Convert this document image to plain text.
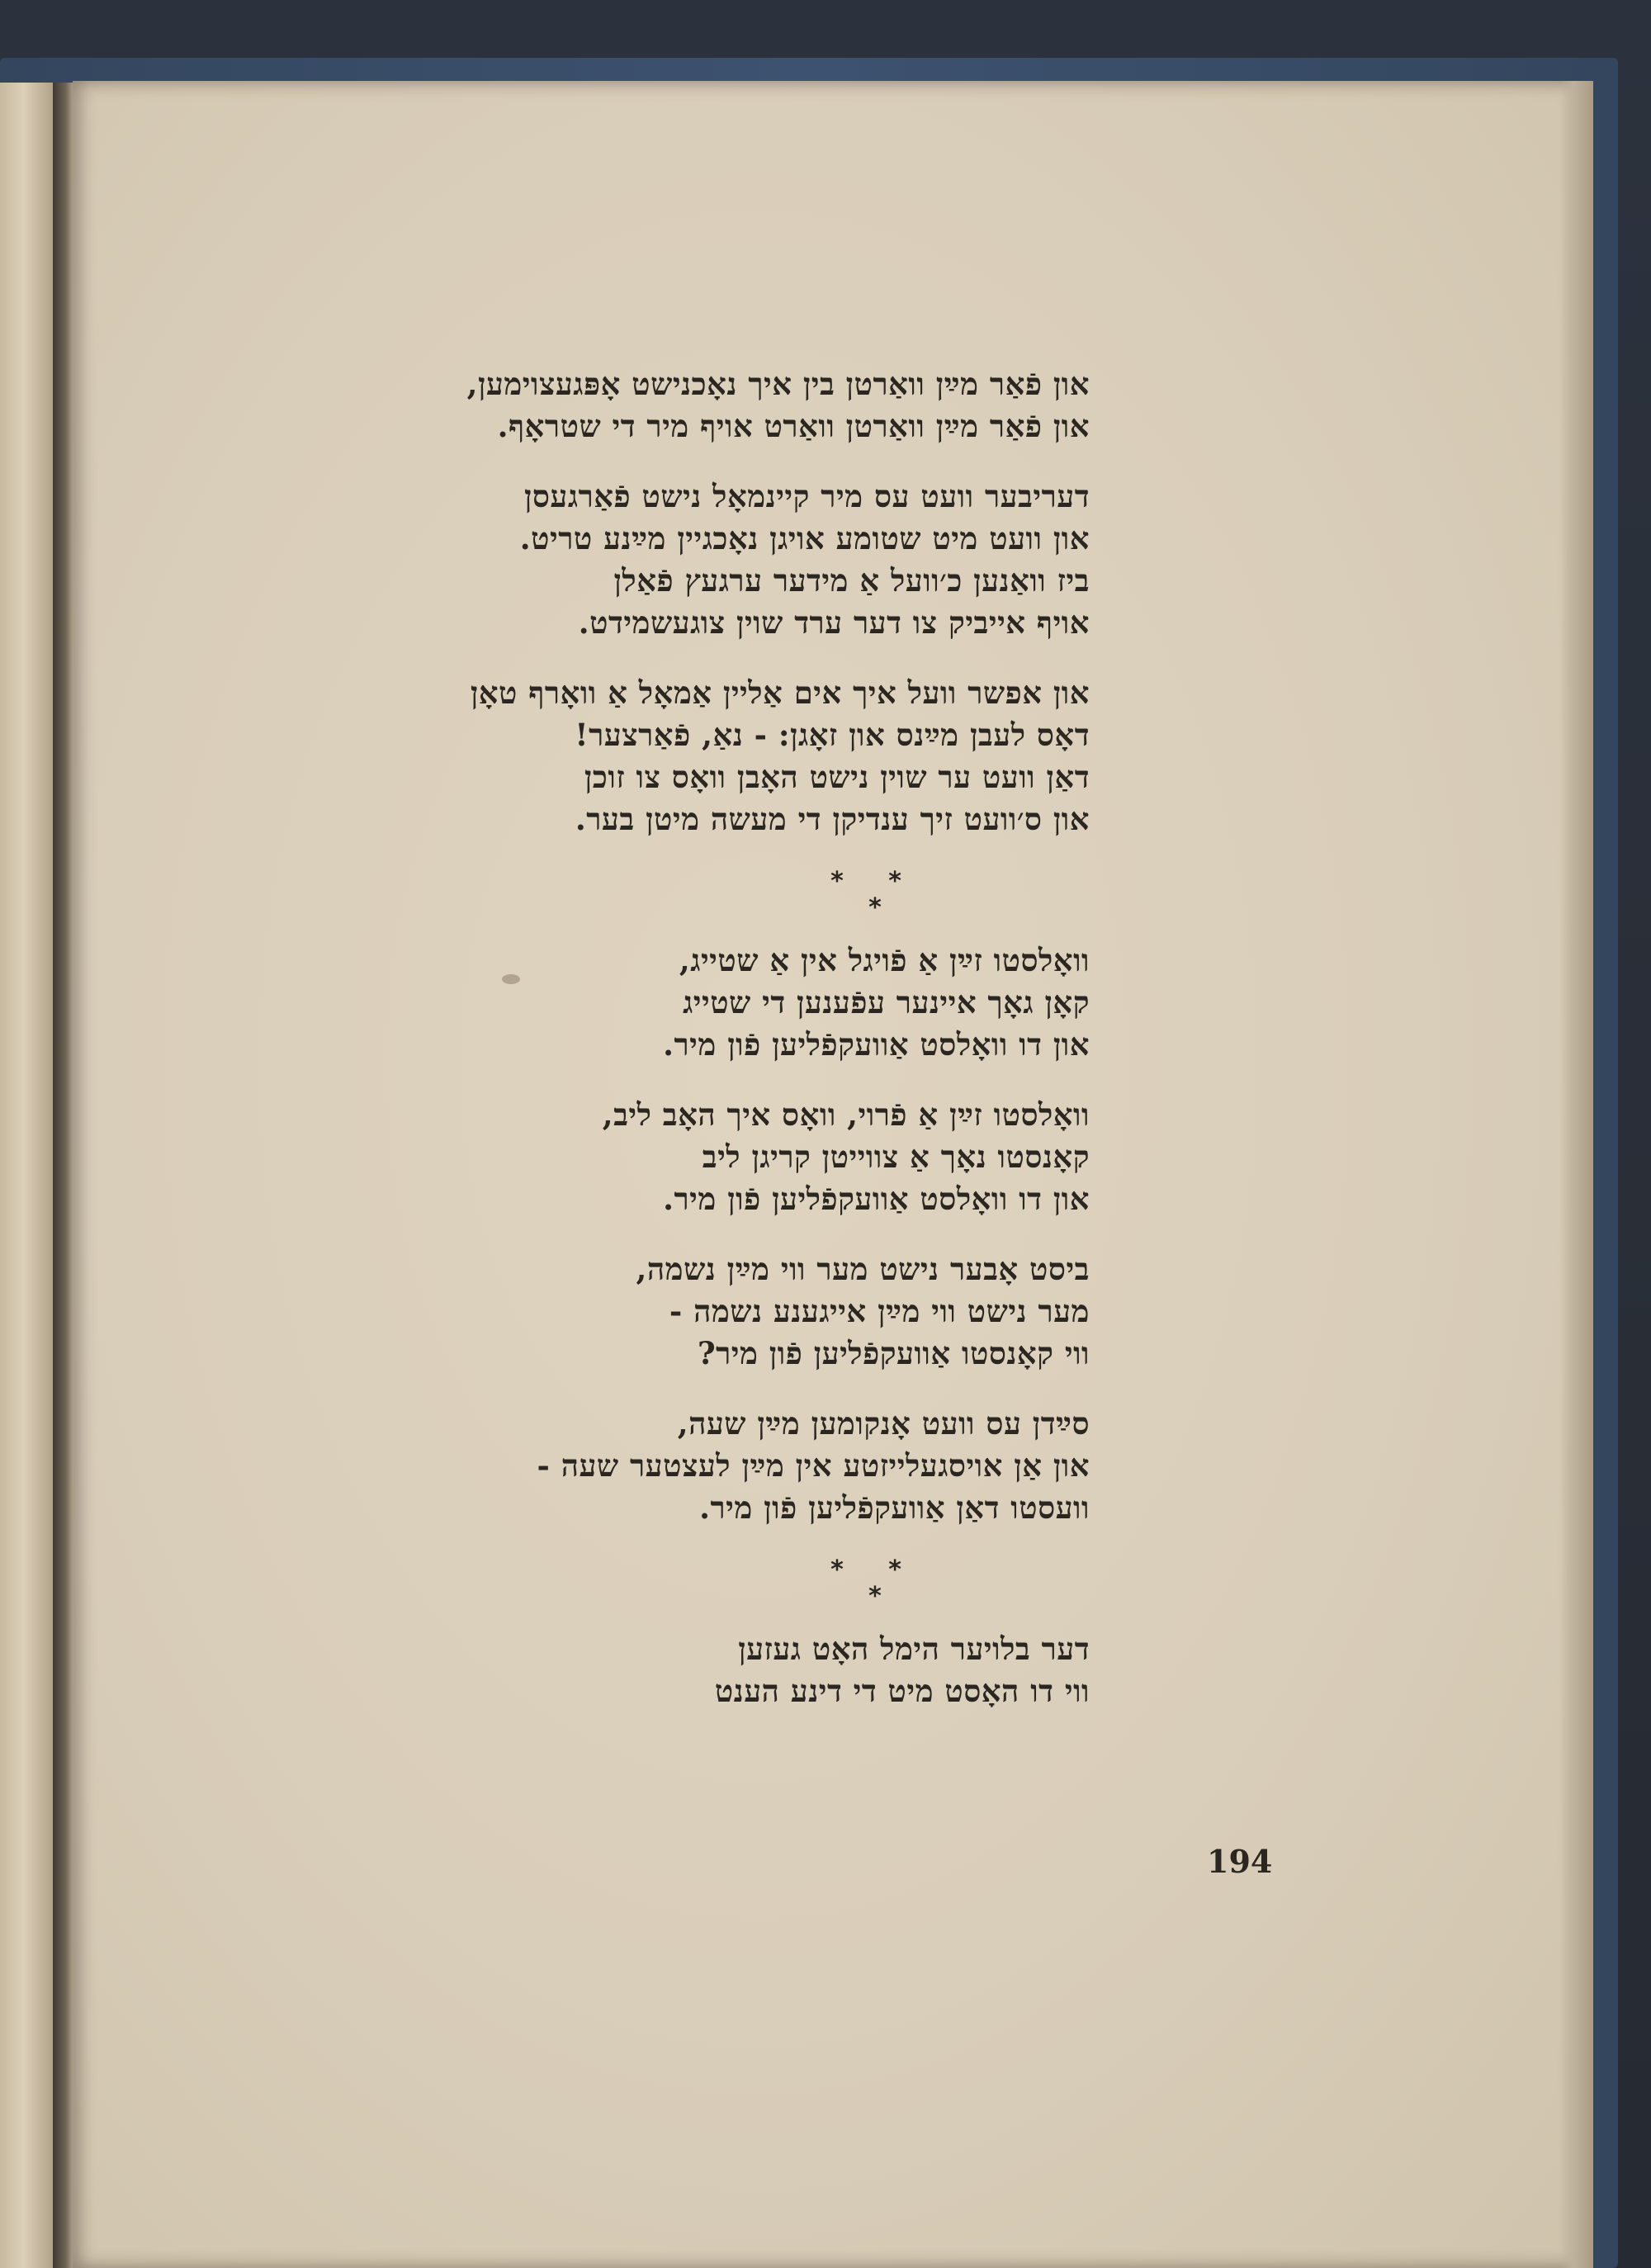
און פֿאַר מײַן וואַרטן בין איך נאָכנישט אָפּגעצוימען,
און פֿאַר מײַן וואַרטן וואַרט אויף מיר די שטראָף.
דעריבער וועט עס מיר קיינמאָל נישט פֿאַרגעסן
און וועט מיט שטומע אויגן נאָכגיין מײַנע טריט.
ביז וואַנען כ׳וועל אַ מידער ערגעץ פֿאַלן
אויף אייביק צו דער ערד שוין צוגעשמידט.
און אפשר וועל איך אים אַליין אַמאָל אַ וואָרף טאָן
דאָס לעבן מײַנס און זאָגן: - נאַ, פֿאַרצער!
דאַן וועט ער שוין נישט האָבן וואָס צו זוכן
און ס׳וועט זיך ענדיקן די מעשה מיטן בער.
* *
*
וואָלסטו זײַן אַ פֿויגל אין אַ שטייג,
קאָן גאָך איינער עפֿענען די שטייג
און דו וואָלסט אַוועקפֿליען פֿון מיר.
וואָלסטו זײַן אַ פֿרוי, וואָס איך האָב ליב,
קאָנסטו נאָך אַ צווייטן קריגן ליב
און דו וואָלסט אַוועקפֿליען פֿון מיר.
ביסט אָבער נישט מער ווי מײַן נשמה,
מער נישט ווי מײַן אייגענע נשמה -
ווי קאָנסטו אַוועקפֿליען פֿון מיר?
סײַדן עס וועט אָנקומען מײַן שעה,
און אַן אויסגעלייזטע אין מײַן לעצטער שעה -
וועסטו דאַן אַוועקפֿליען פֿון מיר.
* *
*
דער בלויער הימל האָט געזען
ווי דו האָסט מיט די דינע הענט
194
